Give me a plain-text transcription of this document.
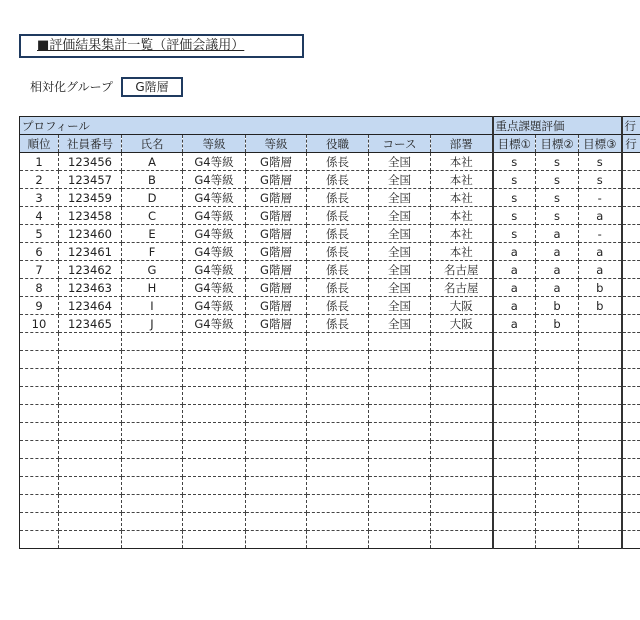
■評価結果集計一覧（評価会議用）
相対化グループ	G階層
プロフィール								重点課題評価			行
順位	社員番号	氏名	等級	等級	役職	コース	部署	目標①	目標②	目標③	行
1	123456	A	G4等級	G階層	係長	全国	本社	s	s	s	
2	123457	B	G4等級	G階層	係長	全国	本社	s	s	s	
3	123459	D	G4等級	G階層	係長	全国	本社	s	s	-	
4	123458	C	G4等級	G階層	係長	全国	本社	s	s	a	
5	123460	E	G4等級	G階層	係長	全国	本社	s	a	-	
6	123461	F	G4等級	G階層	係長	全国	本社	a	a	a	
7	123462	G	G4等級	G階層	係長	全国	名古屋	a	a	a	
8	123463	H	G4等級	G階層	係長	全国	名古屋	a	a	b	
9	123464	I	G4等級	G階層	係長	全国	大阪	a	b	b	
10	123465	J	G4等級	G階層	係長	全国	大阪	a	b		
